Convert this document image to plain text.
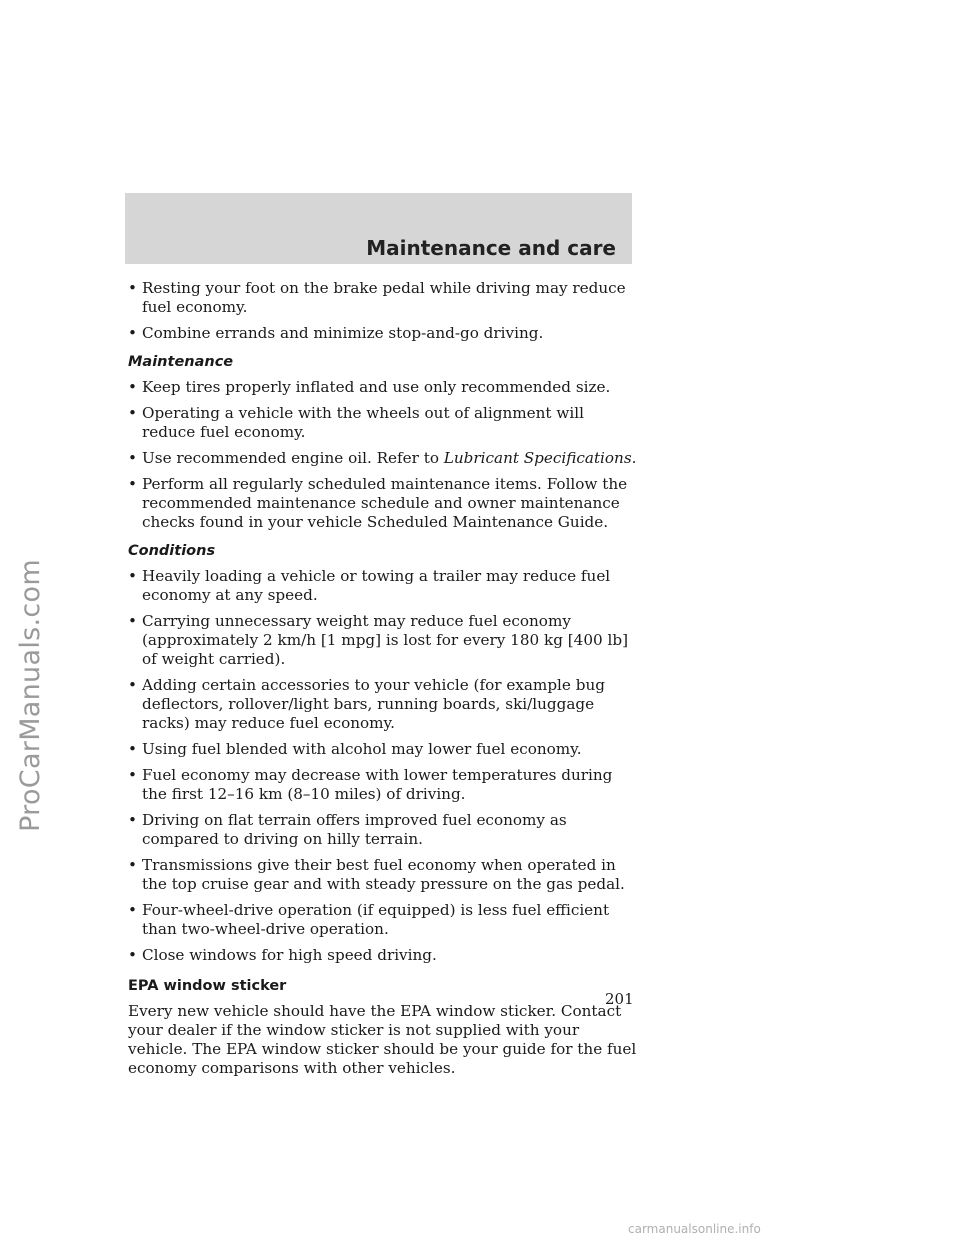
ProCarManuals.com
Maintenance and care
• Resting your foot on the brake pedal while driving may reduce fuel economy.
• Combine errands and minimize stop-and-go driving.
Maintenance
• Keep tires properly inflated and use only recommended size.
• Operating a vehicle with the wheels out of alignment will reduce fuel economy.
• Use recommended engine oil. Refer to Lubricant Specifications.
• Perform all regularly scheduled maintenance items. Follow the recommended maintenance schedule and owner maintenance checks found in your vehicle Scheduled Maintenance Guide.
Conditions
• Heavily loading a vehicle or towing a trailer may reduce fuel economy at any speed.
• Carrying unnecessary weight may reduce fuel economy (approximately 2 km/h [1 mpg] is lost for every 180 kg [400 lb] of weight carried).
• Adding certain accessories to your vehicle (for example bug deflectors, rollover/light bars, running boards, ski/luggage racks) may reduce fuel economy.
• Using fuel blended with alcohol may lower fuel economy.
• Fuel economy may decrease with lower temperatures during the first 12–16 km (8–10 miles) of driving.
• Driving on flat terrain offers improved fuel economy as compared to driving on hilly terrain.
• Transmissions give their best fuel economy when operated in the top cruise gear and with steady pressure on the gas pedal.
• Four-wheel-drive operation (if equipped) is less fuel efficient than two-wheel-drive operation.
• Close windows for high speed driving.
EPA window sticker

Every new vehicle should have the EPA window sticker. Contact your dealer if the window sticker is not supplied with your vehicle. The EPA window sticker should be your guide for the fuel economy comparisons with other vehicles.

201
carmanualsonline.info
